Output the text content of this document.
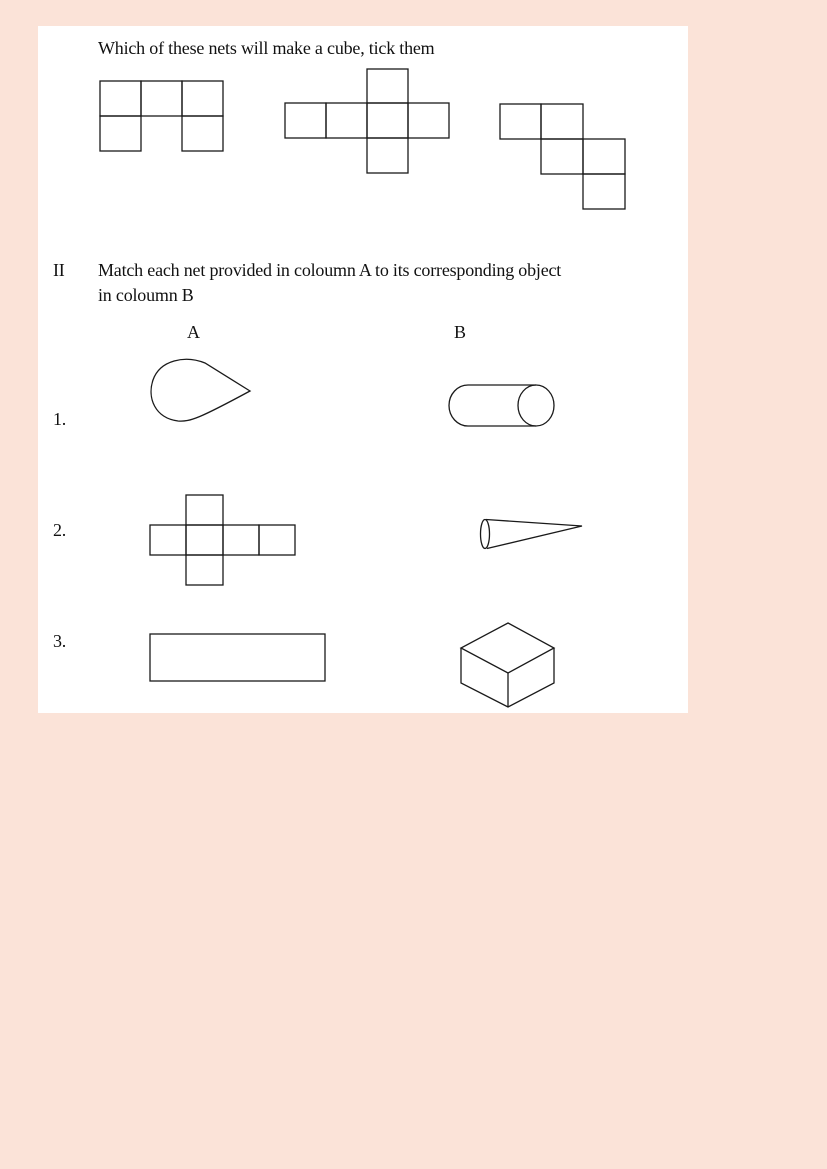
Which of these nets will make a cube, tick them
II Match each net provided in coloumn A to its corresponding object
in coloumn B
A	B
1.
2.
3.
